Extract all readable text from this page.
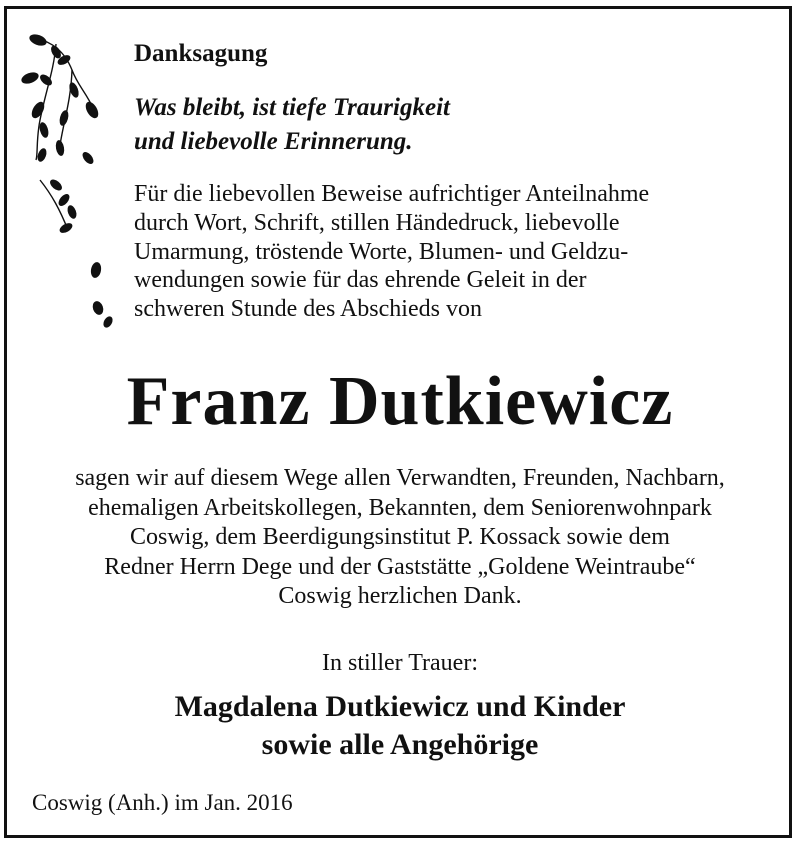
Danksagung
Was bleibt, ist tiefe Traurigkeit
und liebevolle Erinnerung.
Für die liebevollen Beweise aufrichtiger Anteilnahme
durch Wort, Schrift, stillen Händedruck, liebevolle
Umarmung, tröstende Worte, Blumen- und Geldzu-
wendungen sowie für das ehrende Geleit in der
schweren Stunde des Abschieds von
Franz Dutkiewicz
sagen wir auf diesem Wege allen Verwandten, Freunden, Nachbarn,
ehemaligen Arbeitskollegen, Bekannten, dem Seniorenwohnpark
Coswig, dem Beerdigungsinstitut P. Kossack sowie dem
Redner Herrn Dege und der Gaststätte „Goldene Weintraube“
Coswig herzlichen Dank.
In stiller Trauer:
Magdalena Dutkiewicz und Kinder
sowie alle Angehörige
Coswig (Anh.) im Jan. 2016
